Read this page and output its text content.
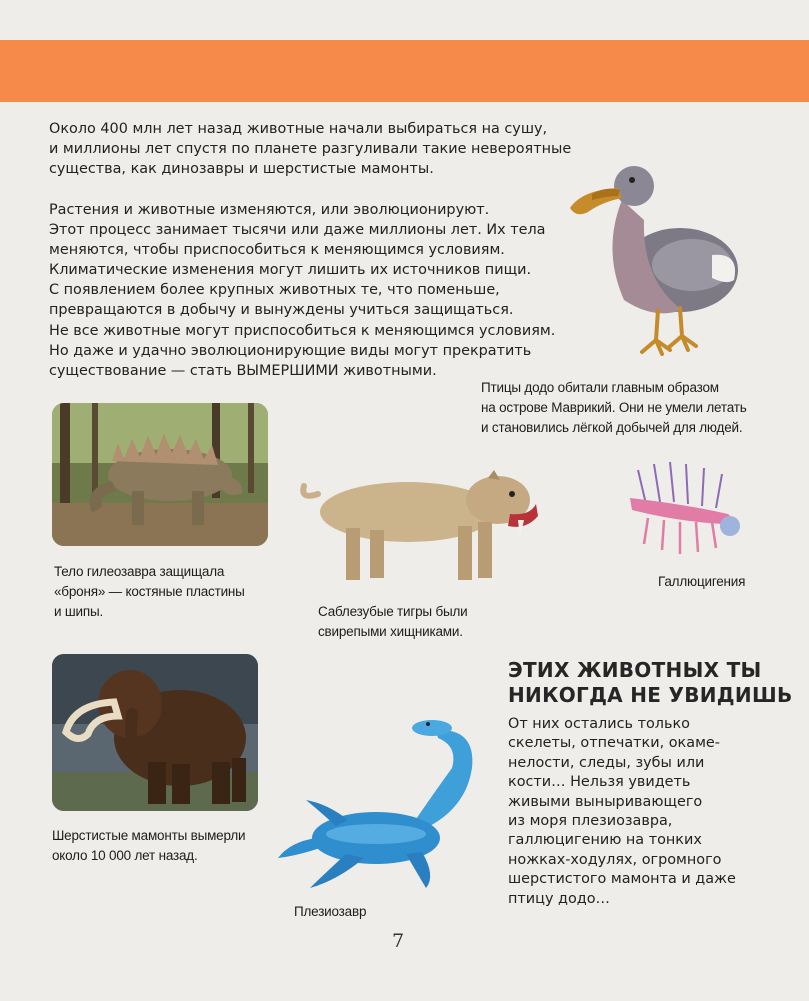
Около 400 млн лет назад животные начали выбираться на сушу,
и миллионы лет спустя по планете разгуливали такие невероятные
существа, как динозавры и шерстистые мамонты.

Растения и животные изменяются, или эволюционируют.
Этот процесс занимает тысячи или даже миллионы лет. Их тела
меняются, чтобы приспособиться к меняющимся условиям.
Климатические изменения могут лишить их источников пищи.
С появлением более крупных животных те, что поменьше,
превращаются в добычу и вынуждены учиться защищаться.
Не все животные могут приспособиться к меняющимся условиям.
Но даже и удачно эволюционирующие виды могут прекратить
существование — стать ВЫМЕРШИМИ животными.

Птицы додо обитали главным образом
на острове Маврикий. Они не умели летать
и становились лёгкой добычей для людей.
Тело гилеозавра защищала
«броня» — костяные пластины
и шипы.	Саблезубые тигры были
свирепыми хищниками.
Галлюцигения
Шерстистые мамонты вымерли
около 10 000 лет назад.
Плезиозавр
ЭТИХ ЖИВОТНЫХ ТЫ
НИКОГДА НЕ УВИДИШЬ

От них остались только
скелеты, отпечатки, окаме-
нелости, следы, зубы или
кости… Нельзя увидеть
живыми выныривающего
из моря плезиозавра,
галлюцигению на тонких
ножках-ходулях, огромного
шерстистого мамонта и даже
птицу додо…

7
